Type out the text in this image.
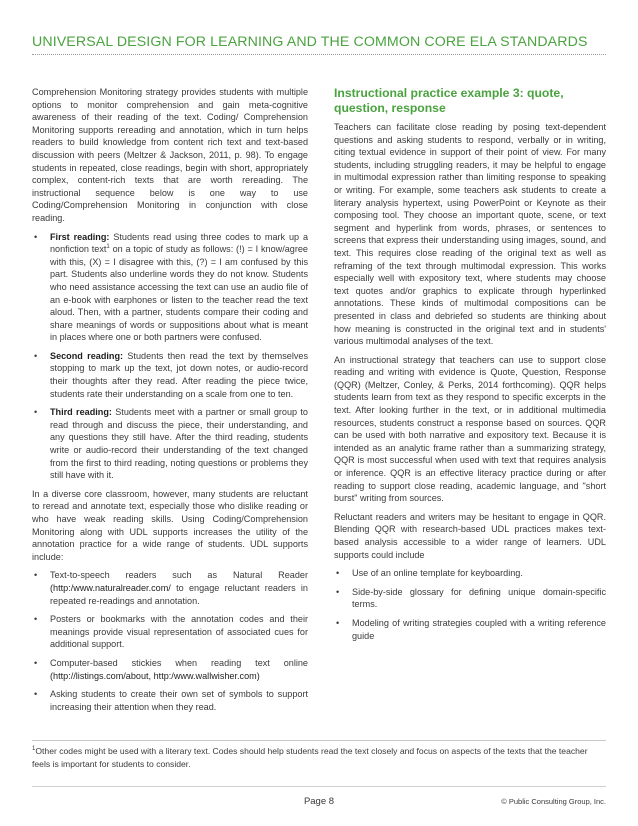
UNIVERSAL DESIGN FOR LEARNING AND THE COMMON CORE ELA STANDARDS

Comprehension Monitoring strategy provides students with multiple options to monitor comprehension and gain meta-cognitive awareness of their reading of the text. Coding/ Comprehension Monitoring supports rereading and annotation, which in turn helps readers to build knowledge from content rich text and text-based discussion with peers (Meltzer & Jackson, 2011, p. 98). To engage students in repeated, close readings, begin with short, appropriately complex, content-rich texts that are worth rereading. The instructional sequence below is one way to use Coding/Comprehension Monitoring in conjunction with close reading.

• First reading: Students read using three codes to mark up a nonfiction text$^1$ on a topic of study as follows: (!) = I know/agree with this, (X) = I disagree with this, (?) = I am confused by this part. Students also underline words they do not know. Students who need assistance accessing the text can use an audio file of an e-book with earphones or listen to the teacher read the text aloud. Then, with a partner, students compare their coding and share meanings of words or suppositions about what is meant in places where one or both partners were confused.
• Second reading: Students then read the text by themselves stopping to mark up the text, jot down notes, or audio-record their thoughts after they read. After reading the piece twice, students rate their understanding on a scale from one to ten.
• Third reading: Students meet with a partner or small group to read through and discuss the piece, their understanding, and any questions they still have. After the third reading, students write or audio-record their understanding of the text changed from the first to third reading, noting questions or problems they still have with it.

In a diverse core classroom, however, many students are reluctant to reread and annotate text, especially those who dislike reading or who have weak reading skills. Using Coding/Comprehension Monitoring along with UDL supports increases the utility of the annotation practice for a wide range of students. UDL supports include:

• Text-to-speech readers such as Natural Reader (http:/www.naturalreader.com/ to engage reluctant readers in repeated re-readings and annotation.
• Posters or bookmarks with the annotation codes and their meanings provide visual representation of associated cues for additional support.
• Computer-based stickies when reading text online (http://listings.com/about, http:/www.wallwisher.com)
• Asking students to create their own set of symbols to support increasing their attention when they read.
Instructional practice example 3: quote, question, response

Teachers can facilitate close reading by posing text-dependent questions and asking students to respond, verbally or in writing, citing textual evidence in support of their point of view. For many students, including struggling readers, it may be helpful to engage in multimodal expression rather than limiting response to speaking or writing. For example, some teachers ask students to create a literary analysis hypertext, using PowerPoint or Keynote as their composing tool. They choose an important quote, scene, or text segment and hyperlink from words, phrases, or sentences to screens that express their understanding using images, sound, and text. This requires close reading of the original text as well as reframing of the text through multimodal expression. This works especially well with expository text, where students may choose text quotes and/or graphics to explicate through hyperlinked annotations. These kinds of multimodal compositions can be presented in class and debriefed so students are thinking about how meaning is constructed in the original text and in students' various multimodal analyses of the text.

An instructional strategy that teachers can use to support close reading and writing with evidence is Quote, Question, Response (QQR) (Meltzer, Conley, & Perks, 2014 forthcoming). QQR helps students learn from text as they respond to specific excerpts in the text. After looking further in the text, or in additional multimedia resources, students construct a response based on sources. QQR can be used with both narrative and expository text. Because it is intended as an analytic frame rather than a summarizing strategy, QQR is most successful when used with text that requires analysis or inference. QQR is an effective literacy practice during or after reading to support close reading, academic language, and "short burst" writing from sources.

Reluctant readers and writers may be hesitant to engage in QQR. Blending QQR with research-based UDL practices makes text-based analysis accessible to a wider range of learners. UDL supports could include

• Use of an online template for keyboarding.
• Side-by-side glossary for defining unique domain-specific terms.
• Modeling of writing strategies coupled with a writing reference guide
$^1$Other codes might be used with a literary text. Codes should help students read the text closely and focus on aspects of the texts that the teacher feels is important for students to consider.
Page 8	© Public Consulting Group, Inc.
